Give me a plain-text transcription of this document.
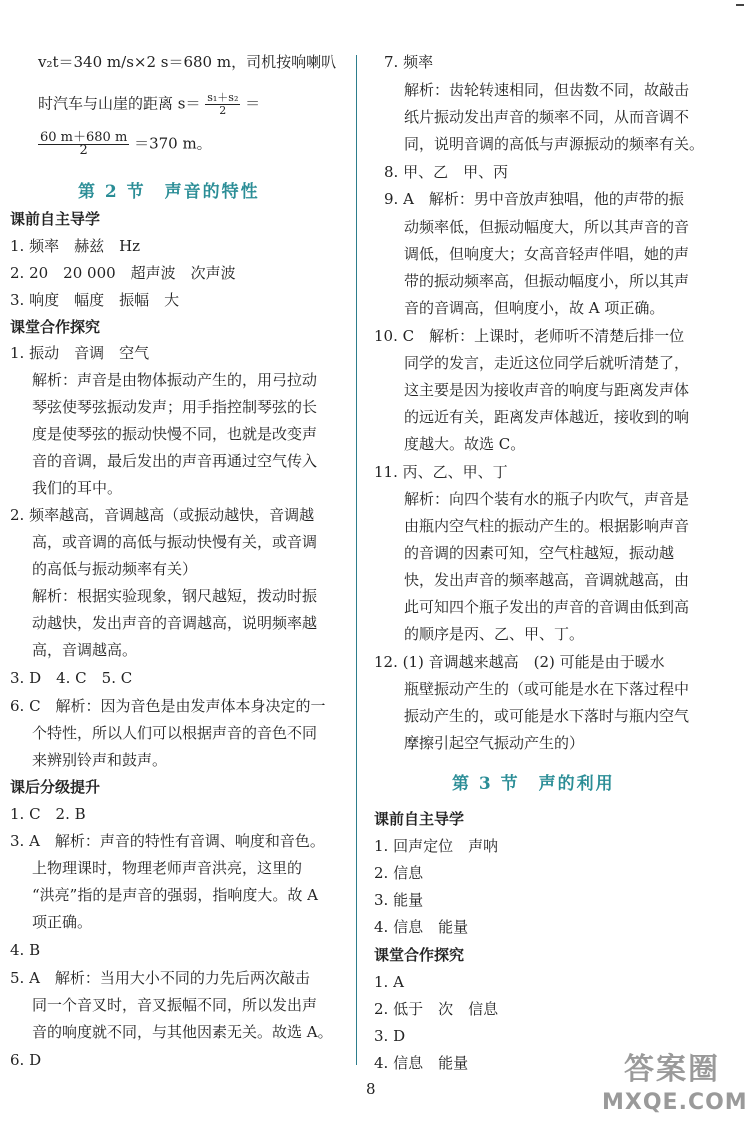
v₂t＝340 m/s×2 s＝680 m，司机按响喇叭
时汽车与山崖的距离 $s= \frac{\text{s₁＋s₂}}{2}$ ＝
$\frac{60 m+680 m}{2} =370$ m。
第 2 节　声音的特性
课前自主导学
1. 频率　赫兹　Hz
2. 20　20 000　超声波　次声波
3. 响度　幅度　振幅　大
课堂合作探究
1. 振动　音调　空气
解析：声音是由物体振动产生的，用弓拉动
琴弦使琴弦振动发声；用手指控制琴弦的长
度是使琴弦的振动快慢不同，也就是改变声
音的音调，最后发出的声音再通过空气传入
我们的耳中。
2. 频率越高，音调越高（或振动越快，音调越
高，或音调的高低与振动快慢有关，或音调
的高低与振动频率有关）
解析：根据实验现象，钢尺越短，拨动时振
动越快，发出声音的音调越高，说明频率越
高，音调越高。
3. D　4. C　5. C
6. C　解析：因为音色是由发声体本身决定的一
个特性，所以人们可以根据声音的音色不同
来辨别铃声和鼓声。
课后分级提升
1. C　2. B
3. A　解析：声音的特性有音调、响度和音色。
上物理课时，物理老师声音洪亮，这里的
“洪亮”指的是声音的强弱，指响度大。故 A
项正确。
4. B
5. A　解析：当用大小不同的力先后两次敲击
同一个音叉时，音叉振幅不同，所以发出声
音的响度就不同，与其他因素无关。故选 A。
6. D
7. 频率
解析：齿轮转速相同，但齿数不同，故敲击
纸片振动发出声音的频率不同，从而音调不
同，说明音调的高低与声源振动的频率有关。
8. 甲、乙　甲、丙
9. A　解析：男中音放声独唱，他的声带的振
动频率低，但振动幅度大，所以其声音的音
调低，但响度大；女高音轻声伴唱，她的声
带的振动频率高，但振动幅度小，所以其声
音的音调高，但响度小，故 A 项正确。
10. C　解析：上课时，老师听不清楚后排一位
同学的发言，走近这位同学后就听清楚了，
这主要是因为接收声音的响度与距离发声体
的远近有关，距离发声体越近，接收到的响
度越大。故选 C。
11. 丙、乙、甲、丁
解析：向四个装有水的瓶子内吹气，声音是
由瓶内空气柱的振动产生的。根据影响声音
的音调的因素可知，空气柱越短，振动越
快，发出声音的频率越高，音调就越高，由
此可知四个瓶子发出的声音的音调由低到高
的顺序是丙、乙、甲、丁。
12. (1) 音调越来越高　(2) 可能是由于暖水
瓶壁振动产生的（或可能是水在下落过程中
振动产生的，或可能是水下落时与瓶内空气
摩擦引起空气振动产生的）
第 3 节　声的利用
课前自主导学
1. 回声定位　声呐
2. 信息
3. 能量
4. 信息　能量
课堂合作探究
1. A
2. 低于　次　信息
3. D
4. 信息　能量
8
答案圈
MXQE.COM
